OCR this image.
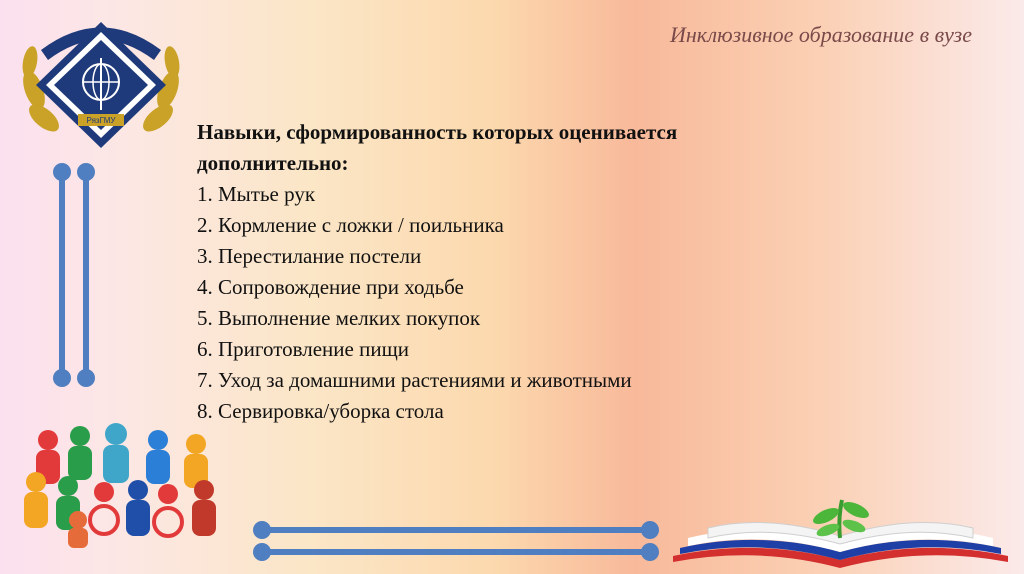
Инклюзивное образование в вузе
РязГМУ	Навыки, сформированность которых оценивается
дополнительно:
1. Мытье рук
2. Кормление с ложки / поильника
3. Перестилание постели
4. Сопровождение при ходьбе
5. Выполнение мелких покупок
6. Приготовление пищи
7. Уход за домашними растениями и животными
8. Сервировка/уборка стола
